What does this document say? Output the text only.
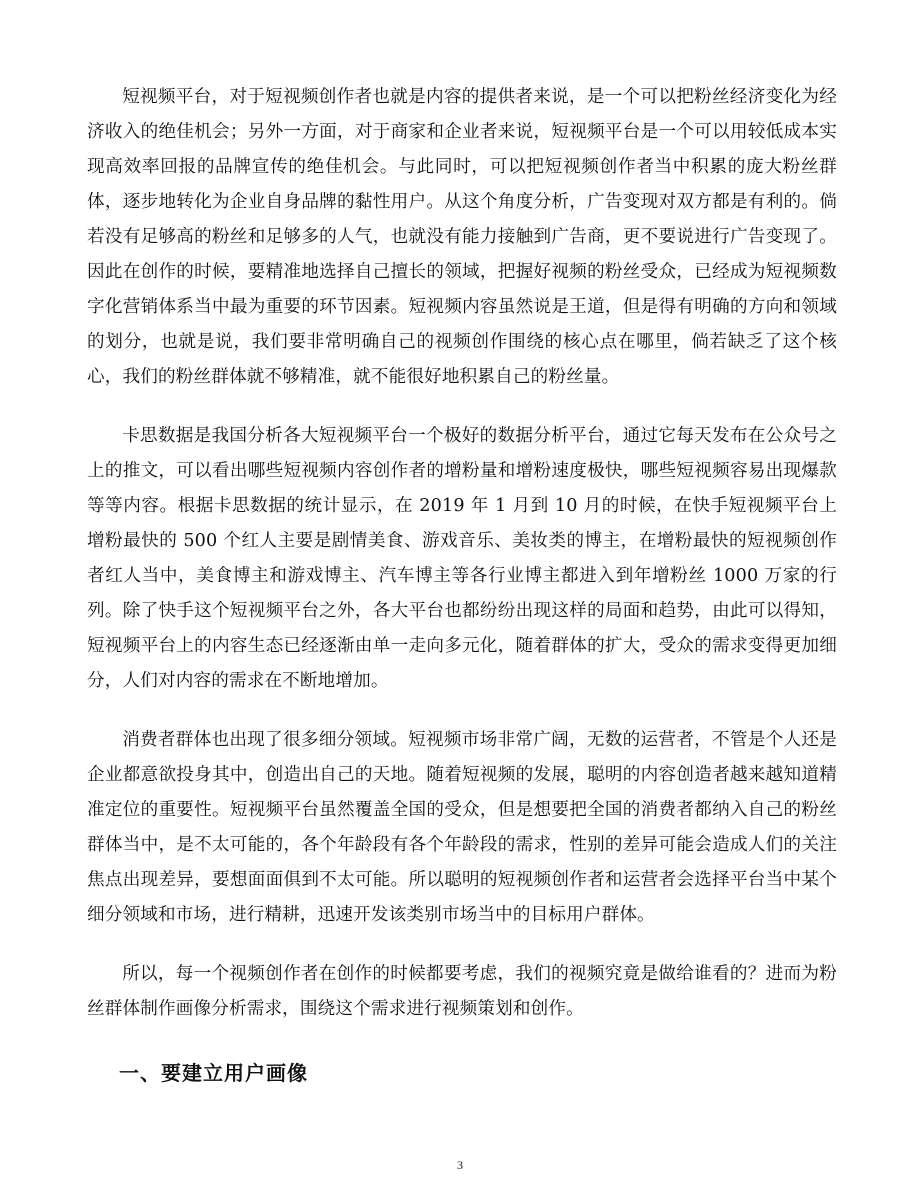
短视频平台，对于短视频创作者也就是内容的提供者来说，是一个可以把粉丝经济变化为经济收入的绝佳机会；另外一方面，对于商家和企业者来说，短视频平台是一个可以用较低成本实现高效率回报的品牌宣传的绝佳机会。与此同时，可以把短视频创作者当中积累的庞大粉丝群体，逐步地转化为企业自身品牌的黏性用户。从这个角度分析，广告变现对双方都是有利的。倘若没有足够高的粉丝和足够多的人气，也就没有能力接触到广告商，更不要说进行广告变现了。因此在创作的时候，要精准地选择自己擅长的领域，把握好视频的粉丝受众，已经成为短视频数字化营销体系当中最为重要的环节因素。短视频内容虽然说是王道，但是得有明确的方向和领域的划分，也就是说，我们要非常明确自己的视频创作围绕的核心点在哪里，倘若缺乏了这个核心，我们的粉丝群体就不够精准，就不能很好地积累自己的粉丝量。

卡思数据是我国分析各大短视频平台一个极好的数据分析平台，通过它每天发布在公众号之上的推文，可以看出哪些短视频内容创作者的增粉量和增粉速度极快，哪些短视频容易出现爆款等等内容。根据卡思数据的统计显示，在 2019 年 1 月到 10 月的时候，在快手短视频平台上增粉最快的 500 个红人主要是剧情美食、游戏音乐、美妆类的博主，在增粉最快的短视频创作者红人当中，美食博主和游戏博主、汽车博主等各行业博主都进入到年增粉丝 1000 万家的行列。除了快手这个短视频平台之外，各大平台也都纷纷出现这样的局面和趋势，由此可以得知，短视频平台上的内容生态已经逐渐由单一走向多元化，随着群体的扩大，受众的需求变得更加细分，人们对内容的需求在不断地增加。

消费者群体也出现了很多细分领域。短视频市场非常广阔，无数的运营者，不管是个人还是企业都意欲投身其中，创造出自己的天地。随着短视频的发展，聪明的内容创造者越来越知道精准定位的重要性。短视频平台虽然覆盖全国的受众，但是想要把全国的消费者都纳入自己的粉丝群体当中，是不太可能的，各个年龄段有各个年龄段的需求，性别的差异可能会造成人们的关注焦点出现差异，要想面面俱到不太可能。所以聪明的短视频创作者和运营者会选择平台当中某个细分领域和市场，进行精耕，迅速开发该类别市场当中的目标用户群体。

所以，每一个视频创作者在创作的时候都要考虑，我们的视频究竟是做给谁看的？进而为粉丝群体制作画像分析需求，围绕这个需求进行视频策划和创作。

一、要建立用户画像
3
